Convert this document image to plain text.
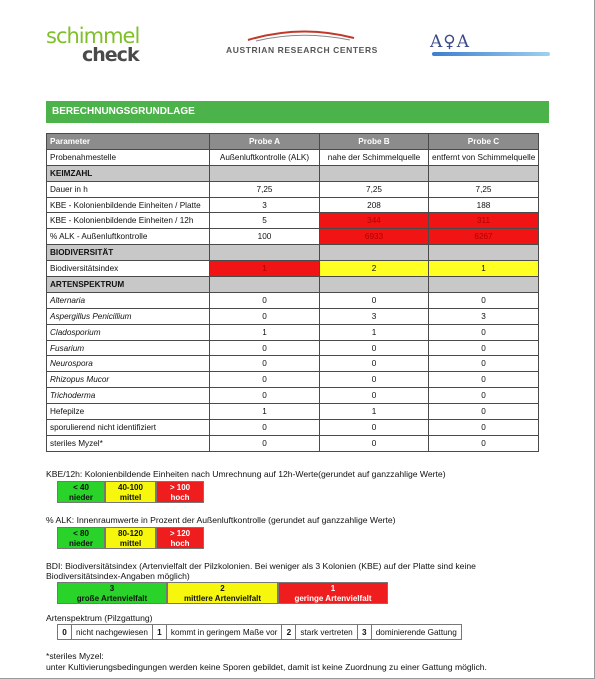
schimmel
check	AUSTRIAN RESEARCH CENTERS	A♀A
BERECHNUNGSGRUNDLAGE
Parameter	Probe A	Probe B	Probe C
Probenahmestelle	Außenluftkontrolle (ALK)	nahe der Schimmelquelle	entfernt von Schimmelquelle
KEIMZAHL			
Dauer in h	7,25	7,25	7,25
KBE - Kolonienbildende Einheiten / Platte	3	208	188
KBE - Kolonienbildende Einheiten / 12h	5	344	311
% ALK - Außenluftkontrolle	100	6933	6267
BIODIVERSITÄT			
Biodiversitätsindex	1	2	1
ARTENSPEKTRUM			
Alternaria	0	0	0
Aspergillus Penicillium	0	3	3
Cladosporium	1	1	0
Fusarium	0	0	0
Neurospora	0	0	0
Rhizopus Mucor	0	0	0
Trichoderma	0	0	0
Hefepilze	1	1	0
sporulierend nicht identifiziert	0	0	0
steriles Myzel*	0	0	0
KBE/12h: Kolonienbildende Einheiten nach Umrechnung auf 12h-Werte(gerundet auf ganzzahlige Werte)
< 40
nieder
40-100
mittel
> 100
hoch
% ALK: Innenraumwerte in Prozent der Außenluftkontrolle (gerundet auf ganzzahlige Werte)
< 80
nieder
80-120
mittel
> 120
hoch
BDI: Biodiversitätsindex (Artenvielfalt der Pilzkolonien. Bei weniger als 3 Kolonien (KBE) auf der Platte sind keine
Biodiversitätsindex-Angaben möglich)
3
große Artenvielfalt
2
mittlere Artenvielfalt
1
geringe Artenvielfalt
Artenspektrum (Pilzgattung)
0	nicht nachgewiesen	1	kommt in geringem Maße vor	2	stark vertreten	3	dominierende Gattung
*steriles Myzel:
unter Kultivierungsbedingungen werden keine Sporen gebildet, damit ist keine Zuordnung zu einer Gattung möglich.
